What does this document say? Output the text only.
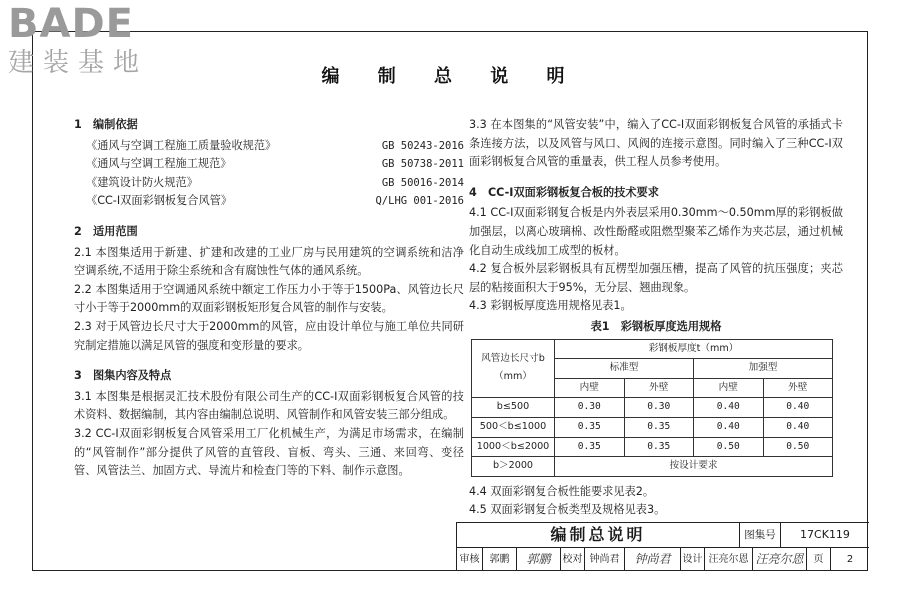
BADE
建装基地	编 制 总 说 明
1　编制依据
《通风与空调工程施工质量验收规范》	GB 50243-2016
《通风与空调工程施工规范》	GB 50738-2011
《建筑设计防火规范》	GB 50016-2014
《CC-I双面彩钢板复合风管》	Q/LHG 001-2016
2　适用范围
2.1 本图集适用于新建、扩建和改建的工业厂房与民用建筑的空调系统和洁净空调系统,不适用于除尘系统和含有腐蚀性气体的通风系统。
2.2 本图集适用于空调通风系统中额定工作压力小于等于1500Pa、风管边长尺寸小于等于2000mm的双面彩钢板矩形复合风管的制作与安装。
2.3 对于风管边长尺寸大于2000mm的风管，应由设计单位与施工单位共同研究制定措施以满足风管的强度和变形量的要求。
3　图集内容及特点
3.1 本图集是根据灵汇技术股份有限公司生产的CC-I双面彩钢板复合风管的技术资料、数据编制，其内容由编制总说明、风管制作和风管安装三部分组成。
3.2 CC-I双面彩钢板复合风管采用工厂化机械生产，为满足市场需求，在编制的“风管制作”部分提供了风管的直管段、盲板、弯头、三通、来回弯、变径管、风管法兰、加固方式、导流片和检查门等的下料、制作示意图。
3.3 在本图集的“风管安装”中，编入了CC-I双面彩钢板复合风管的承插式卡条连接方法，以及风管与风口、风阀的连接示意图。同时编入了三种CC-I双面彩钢板复合风管的重量表，供工程人员参考使用。
4　CC-I双面彩钢板复合板的技术要求
4.1 CC-I双面彩钢复合板是内外表层采用0.30mm～0.50mm厚的彩钢板做加强层，以离心玻璃棉、改性酚醛或阻燃型聚苯乙烯作为夹芯层，通过机械化自动生成线加工成型的板材。
4.2 复合板外层彩钢板具有瓦楞型加强压槽，提高了风管的抗压强度；夹芯层的粘接面积大于95%，无分层、翘曲现象。
4.3 彩钢板厚度选用规格见表1。
表1　彩钢板厚度选用规格
风管边长尺寸b（mm）	彩钢板厚度t（mm）			
	标准型		加强型	
	内壁	外壁	内壁	外壁
b≤500	0.30	0.30	0.40	0.40
500＜b≤1000	0.35	0.35	0.40	0.40
1000＜b≤2000	0.35	0.35	0.50	0.50
b＞2000	按设计要求			
4.4 双面彩钢复合板性能要求见表2。
4.5 双面彩钢复合板类型及规格见表3。
编制总说明	图集号	17CK119
审核	郭鹏	郭鹏	校对 钟尚君	钟尚君	设计 汪亮尔恩 汪亮尔恩	页	2
